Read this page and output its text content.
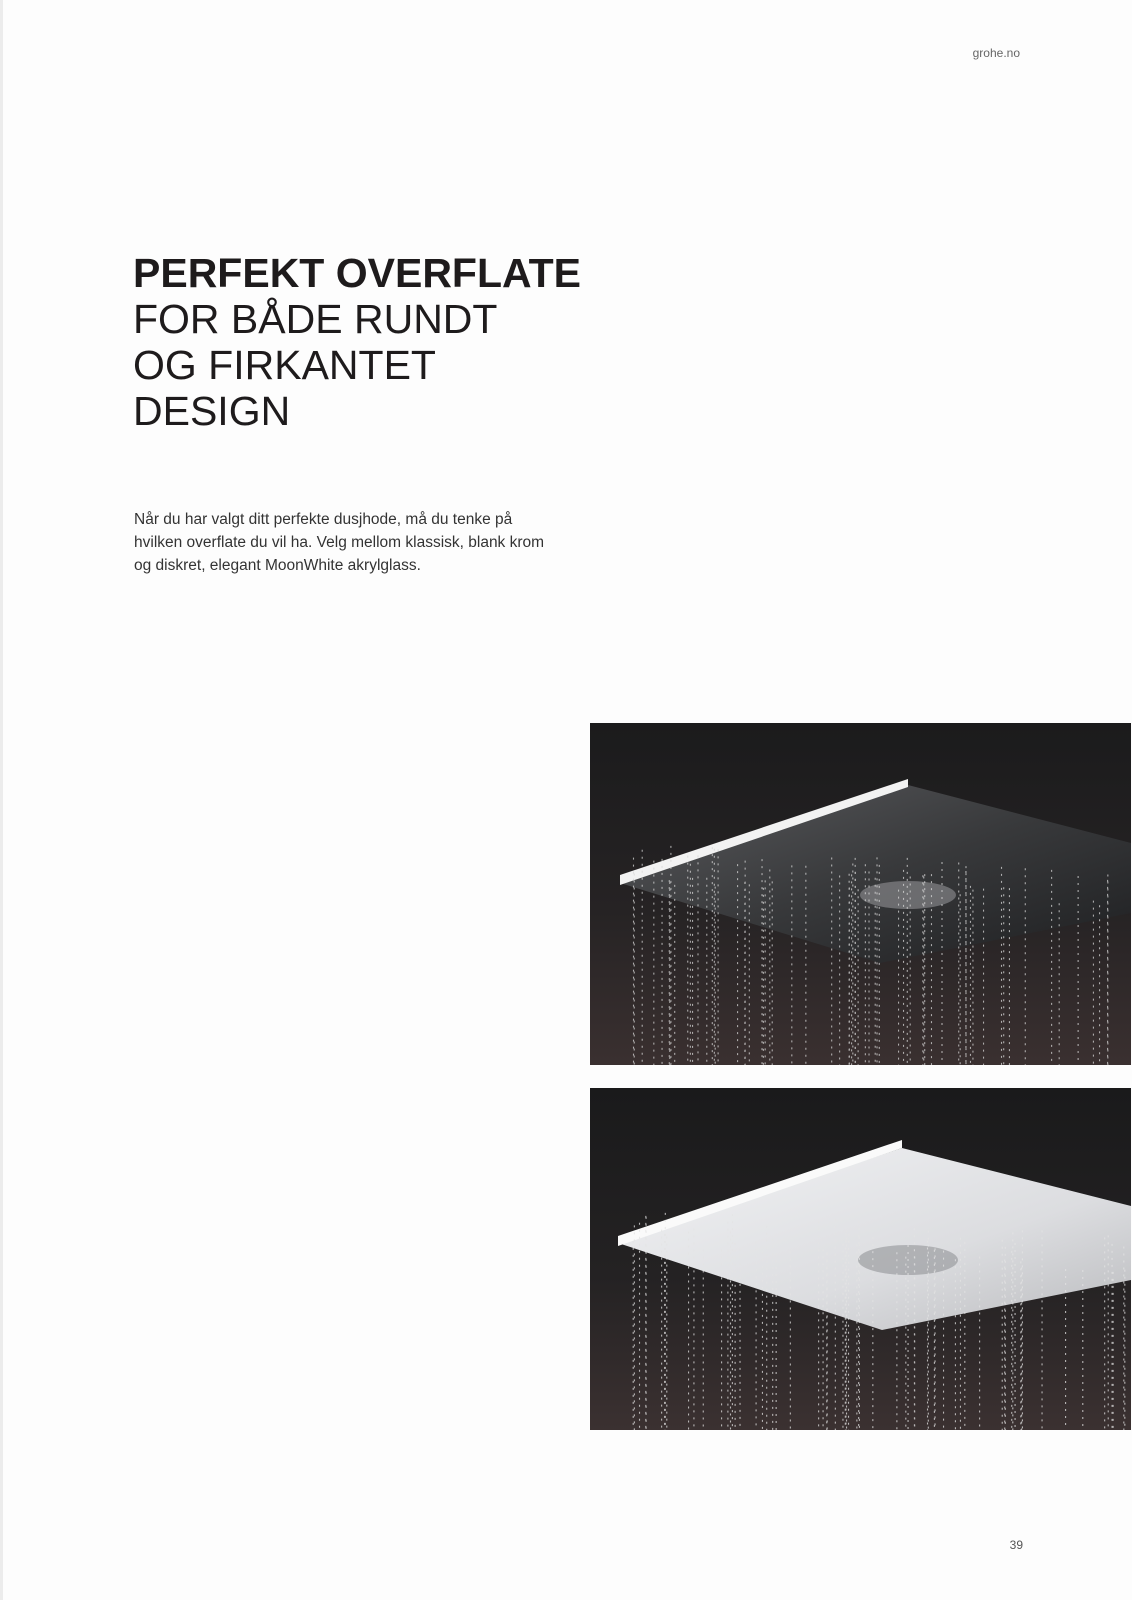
grohe.no
PERFEKT OVERFLATE
FOR BÅDE RUNDT
OG FIRKANTET
DESIGN
Når du har valgt ditt perfekte dusjhode, må du tenke på hvilken overflate du vil ha. Velg mellom klassisk, blank krom og diskret, elegant MoonWhite akrylglass.
39
